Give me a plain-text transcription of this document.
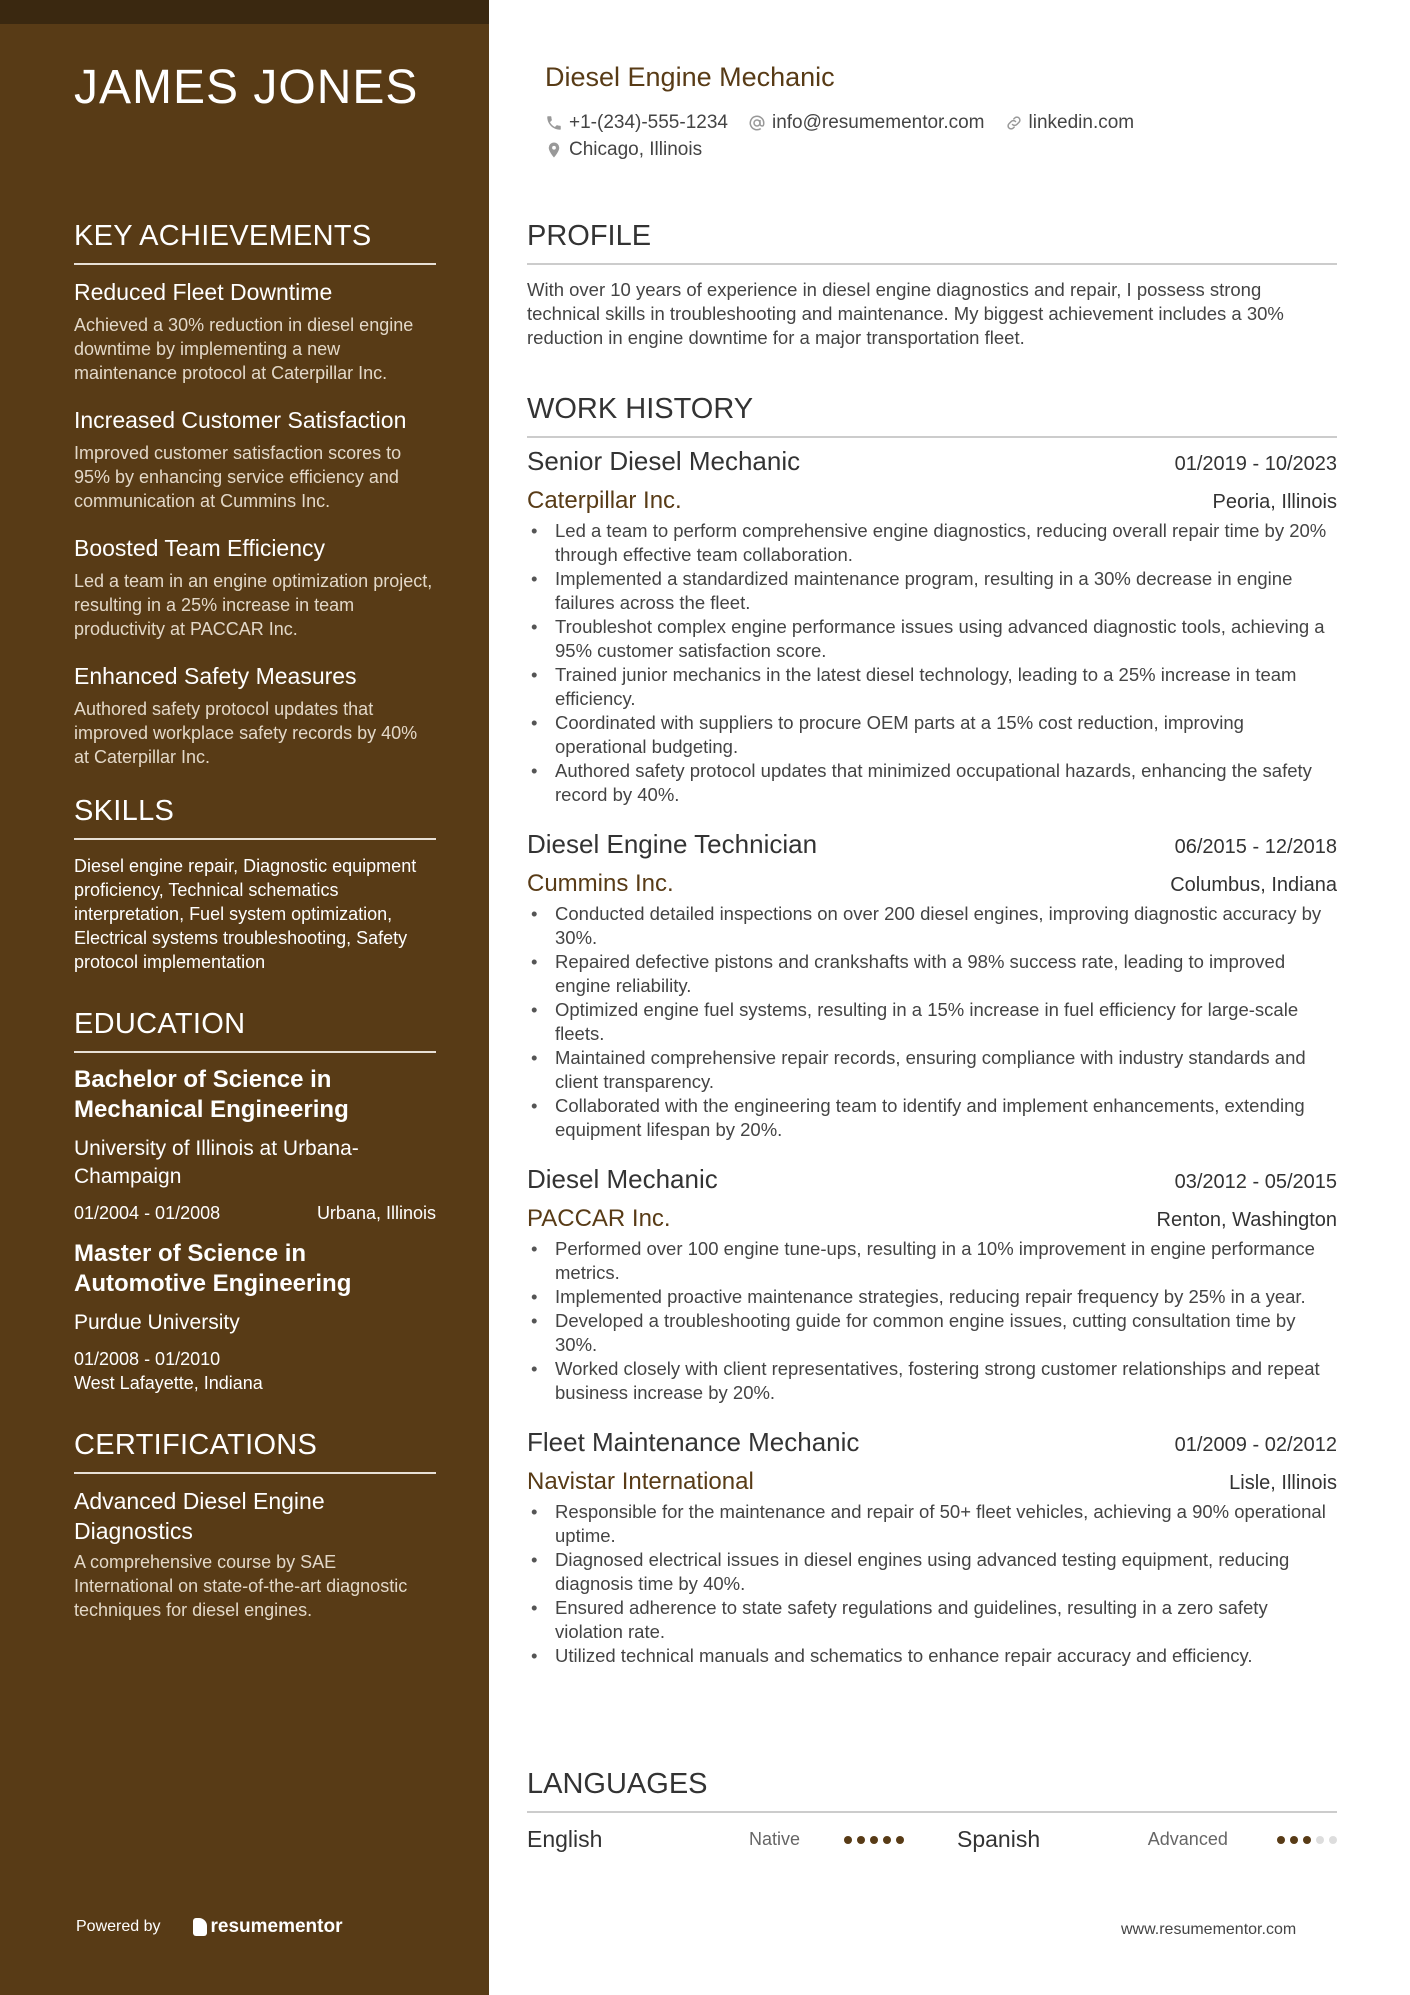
JAMES JONES
KEY ACHIEVEMENTS
Reduced Fleet Downtime
Achieved a 30% reduction in diesel engine downtime by implementing a new maintenance protocol at Caterpillar Inc.
Increased Customer Satisfaction
Improved customer satisfaction scores to 95% by enhancing service efficiency and communication at Cummins Inc.
Boosted Team Efficiency
Led a team in an engine optimization project, resulting in a 25% increase in team productivity at PACCAR Inc.
Enhanced Safety Measures
Authored safety protocol updates that improved workplace safety records by 40% at Caterpillar Inc.
SKILLS
Diesel engine repair, Diagnostic equipment proficiency, Technical schematics interpretation, Fuel system optimization, Electrical systems troubleshooting, Safety protocol implementation
EDUCATION
Bachelor of Science in Mechanical Engineering
University of Illinois at Urbana-Champaign
01/2004 - 01/2008	Urbana, Illinois
Master of Science in Automotive Engineering
Purdue University
01/2008 - 01/2010
West Lafayette, Indiana
CERTIFICATIONS
Advanced Diesel Engine Diagnostics
A comprehensive course by SAE International on state-of-the-art diagnostic techniques for diesel engines.
Powered by	resumementor
Diesel Engine Mechanic
+1-(234)-555-1234 info@resumementor.com linkedin.com
Chicago, Illinois
PROFILE
With over 10 years of experience in diesel engine diagnostics and repair, I possess strong technical skills in troubleshooting and maintenance. My biggest achievement includes a 30% reduction in engine downtime for a major transportation fleet.
WORK HISTORY
Senior Diesel Mechanic	01/2019 - 10/2023
Caterpillar Inc.	Peoria, Illinois
• Led a team to perform comprehensive engine diagnostics, reducing overall repair time by 20% through effective team collaboration.
• Implemented a standardized maintenance program, resulting in a 30% decrease in engine failures across the fleet.
• Troubleshot complex engine performance issues using advanced diagnostic tools, achieving a 95% customer satisfaction score.
• Trained junior mechanics in the latest diesel technology, leading to a 25% increase in team efficiency.
• Coordinated with suppliers to procure OEM parts at a 15% cost reduction, improving operational budgeting.
• Authored safety protocol updates that minimized occupational hazards, enhancing the safety record by 40%.
Diesel Engine Technician	06/2015 - 12/2018
Cummins Inc.	Columbus, Indiana
• Conducted detailed inspections on over 200 diesel engines, improving diagnostic accuracy by 30%.
• Repaired defective pistons and crankshafts with a 98% success rate, leading to improved engine reliability.
• Optimized engine fuel systems, resulting in a 15% increase in fuel efficiency for large-scale fleets.
• Maintained comprehensive repair records, ensuring compliance with industry standards and client transparency.
• Collaborated with the engineering team to identify and implement enhancements, extending equipment lifespan by 20%.
Diesel Mechanic	03/2012 - 05/2015
PACCAR Inc.	Renton, Washington
• Performed over 100 engine tune-ups, resulting in a 10% improvement in engine performance metrics.
• Implemented proactive maintenance strategies, reducing repair frequency by 25% in a year.
• Developed a troubleshooting guide for common engine issues, cutting consultation time by 30%.
• Worked closely with client representatives, fostering strong customer relationships and repeat business increase by 20%.
Fleet Maintenance Mechanic	01/2009 - 02/2012
Navistar International	Lisle, Illinois
• Responsible for the maintenance and repair of 50+ fleet vehicles, achieving a 90% operational uptime.
• Diagnosed electrical issues in diesel engines using advanced testing equipment, reducing diagnosis time by 40%.
• Ensured adherence to state safety regulations and guidelines, resulting in a zero safety violation rate.
• Utilized technical manuals and schematics to enhance repair accuracy and efficiency.
LANGUAGES
English	Native	Spanish	Advanced
www.resumementor.com
